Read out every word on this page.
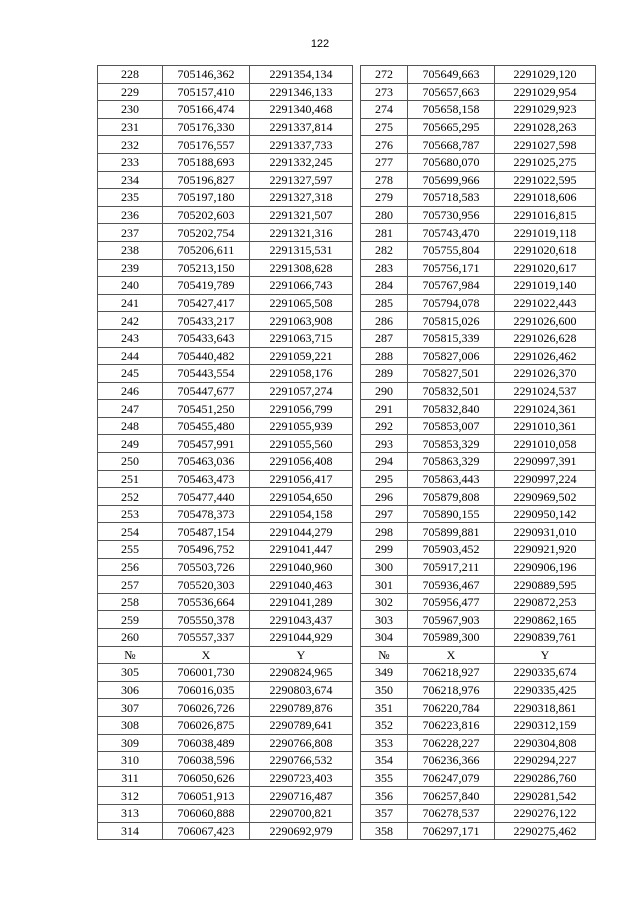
122
228	705146,362	2291354,134
229	705157,410	2291346,133
230	705166,474	2291340,468
231	705176,330	2291337,814
232	705176,557	2291337,733
233	705188,693	2291332,245
234	705196,827	2291327,597
235	705197,180	2291327,318
236	705202,603	2291321,507
237	705202,754	2291321,316
238	705206,611	2291315,531
239	705213,150	2291308,628
240	705419,789	2291066,743
241	705427,417	2291065,508
242	705433,217	2291063,908
243	705433,643	2291063,715
244	705440,482	2291059,221
245	705443,554	2291058,176
246	705447,677	2291057,274
247	705451,250	2291056,799
248	705455,480	2291055,939
249	705457,991	2291055,560
250	705463,036	2291056,408
251	705463,473	2291056,417
252	705477,440	2291054,650
253	705478,373	2291054,158
254	705487,154	2291044,279
255	705496,752	2291041,447
256	705503,726	2291040,960
257	705520,303	2291040,463
258	705536,664	2291041,289
259	705550,378	2291043,437
260	705557,337	2291044,929
№	X	Y
305	706001,730	2290824,965
306	706016,035	2290803,674
307	706026,726	2290789,876
308	706026,875	2290789,641
309	706038,489	2290766,808
310	706038,596	2290766,532
311	706050,626	2290723,403
312	706051,913	2290716,487
313	706060,888	2290700,821
314	706067,423	2290692,979
272	705649,663	2291029,120
273	705657,663	2291029,954
274	705658,158	2291029,923
275	705665,295	2291028,263
276	705668,787	2291027,598
277	705680,070	2291025,275
278	705699,966	2291022,595
279	705718,583	2291018,606
280	705730,956	2291016,815
281	705743,470	2291019,118
282	705755,804	2291020,618
283	705756,171	2291020,617
284	705767,984	2291019,140
285	705794,078	2291022,443
286	705815,026	2291026,600
287	705815,339	2291026,628
288	705827,006	2291026,462
289	705827,501	2291026,370
290	705832,501	2291024,537
291	705832,840	2291024,361
292	705853,007	2291010,361
293	705853,329	2291010,058
294	705863,329	2290997,391
295	705863,443	2290997,224
296	705879,808	2290969,502
297	705890,155	2290950,142
298	705899,881	2290931,010
299	705903,452	2290921,920
300	705917,211	2290906,196
301	705936,467	2290889,595
302	705956,477	2290872,253
303	705967,903	2290862,165
304	705989,300	2290839,761
№	X	Y
349	706218,927	2290335,674
350	706218,976	2290335,425
351	706220,784	2290318,861
352	706223,816	2290312,159
353	706228,227	2290304,808
354	706236,366	2290294,227
355	706247,079	2290286,760
356	706257,840	2290281,542
357	706278,537	2290276,122
358	706297,171	2290275,462
